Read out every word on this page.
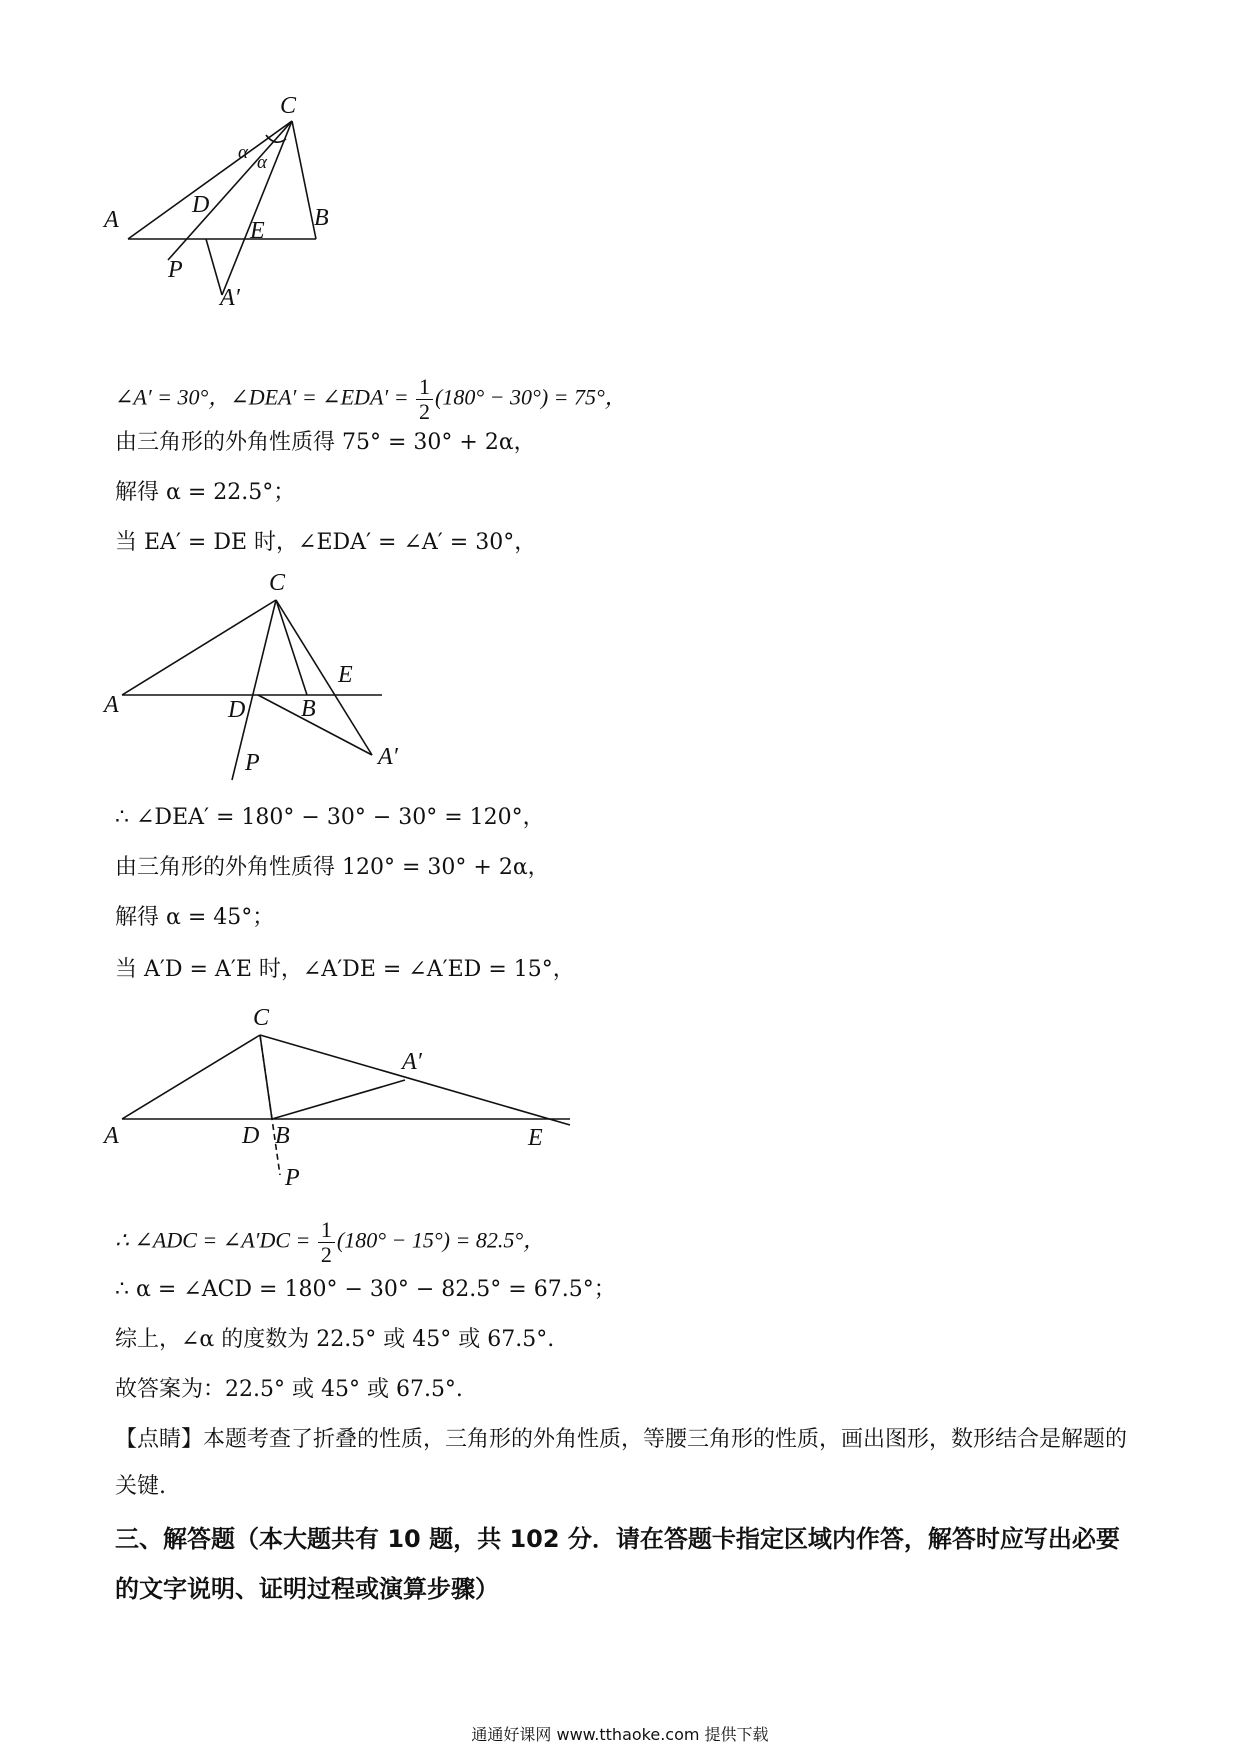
C
A	B
D
E
P
A′
α α
∠A′ = 30°，∠DEA′ = ∠EDA′ = $\frac{1}{2} (180^\circ - 30^\circ) = 75^\circ$，
由三角形的外角性质得 75° = 30° + 2α，
解得 α = 22.5°；
当 EA′ = DE 时，∠EDA′ = ∠A′ = 30°，
C
A	D B
E
P	A′
∴ ∠DEA′ = 180° − 30° − 30° = 120°，
由三角形的外角性质得 120° = 30° + 2α，
解得 α = 45°；
当 A′D = A′E 时，∠A′DE = ∠A′ED = 15°，
C
A	D B	E
P
A′
∴ ∠ADC = ∠A′DC = $\frac{1}{2} (180^\circ - 15^\circ) = 82.5^\circ$，
∴ α = ∠ACD = 180° − 30° − 82.5° = 67.5°；
综上，∠α 的度数为 22.5° 或 45° 或 67.5°.
故答案为：22.5° 或 45° 或 67.5°.
【点睛】本题考查了折叠的性质，三角形的外角性质，等腰三角形的性质，画出图形，数形结合是解题的
关键.
三、解答题（本大题共有 10 题，共 102 分．请在答题卡指定区域内作答，解答时应写出必要
的文字说明、证明过程或演算步骤）
通通好课网 www.tthaoke.com 提供下载
